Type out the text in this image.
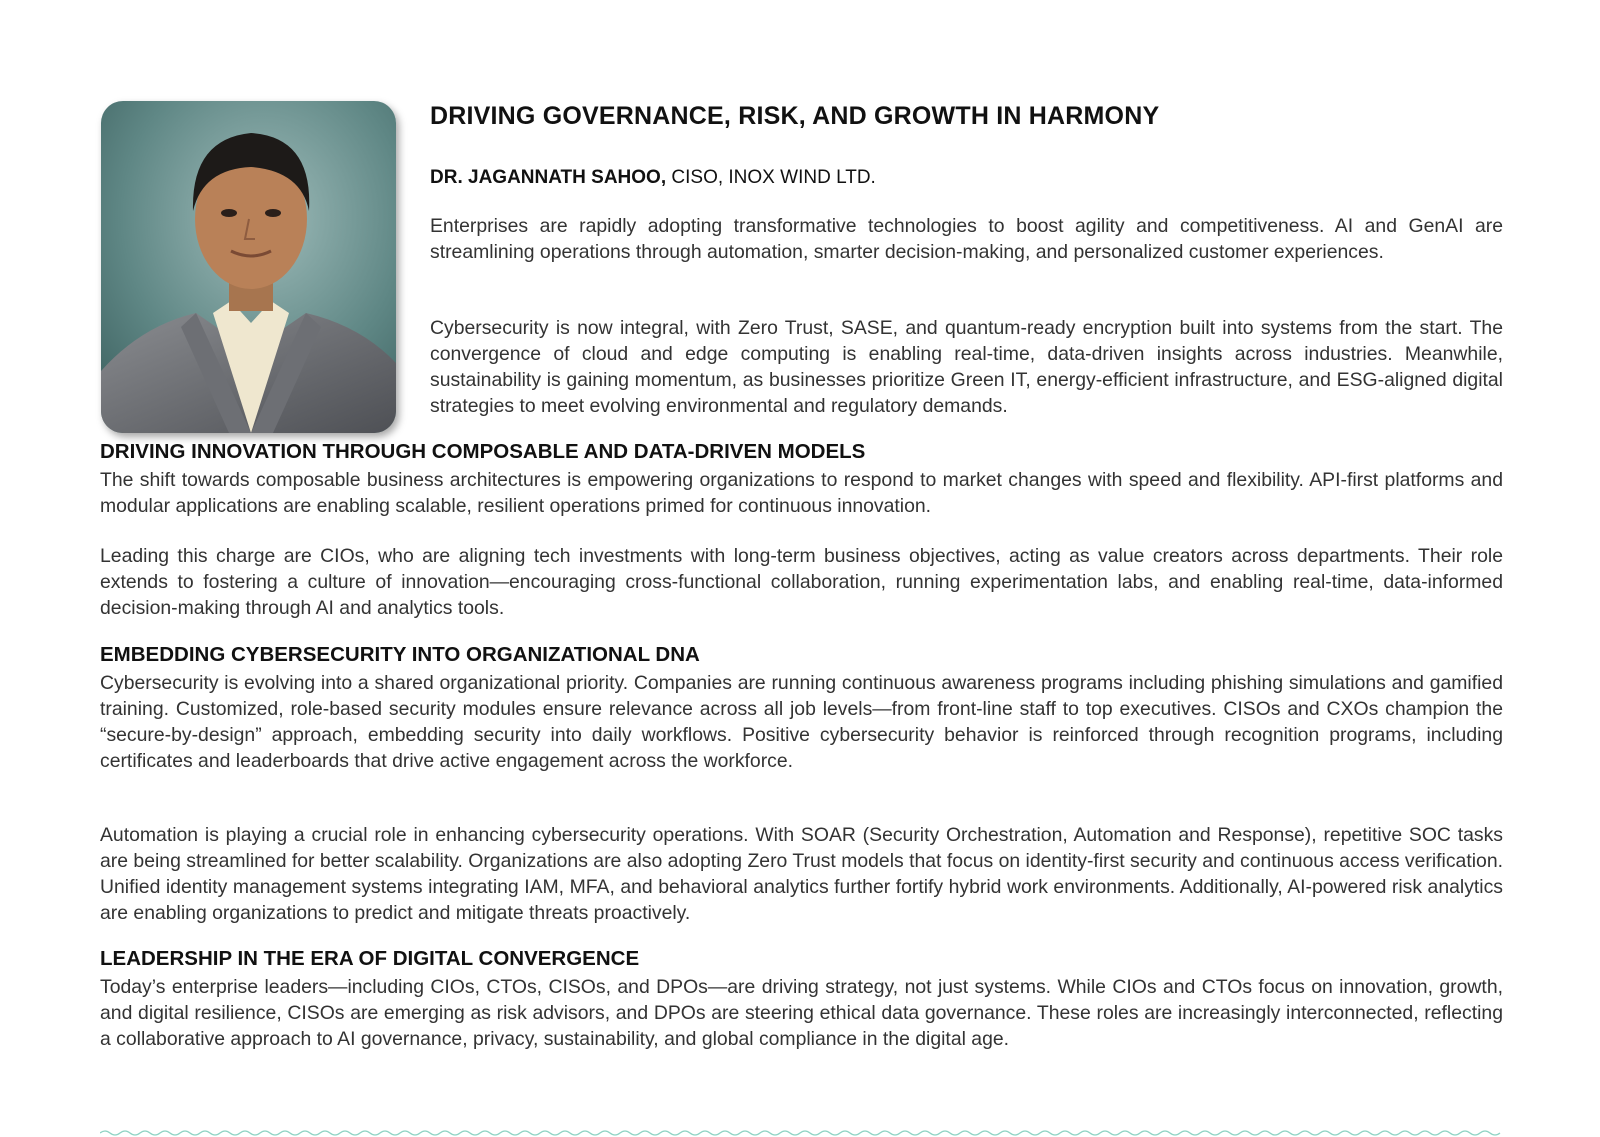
DRIVING GOVERNANCE, RISK, AND GROWTH IN HARMONY

DR. JAGANNATH SAHOO, CISO, INOX WIND LTD.

Enterprises are rapidly adopting transformative technologies to boost agility and competitiveness. AI and GenAI are streamlining operations through automation, smarter decision-making, and personalized customer experiences.

Cybersecurity is now integral, with Zero Trust, SASE, and quantum-ready encryption built into systems from the start. The convergence of cloud and edge computing is enabling real-time, data-driven insights across industries. Meanwhile, sustainability is gaining momentum, as businesses prioritize Green IT, energy-efficient infrastructure, and ESG-aligned digital strategies to meet evolving environmental and regulatory demands.

DRIVING INNOVATION THROUGH COMPOSABLE AND DATA-DRIVEN MODELS

The shift towards composable business architectures is empowering organizations to respond to market changes with speed and flexibility. API-first platforms and modular applications are enabling scalable, resilient operations primed for continuous innovation.

Leading this charge are CIOs, who are aligning tech investments with long-term business objectives, acting as value creators across departments. Their role extends to fostering a culture of innovation—encouraging cross-functional collaboration, running experimentation labs, and enabling real-time, data-informed decision-making through AI and analytics tools.

EMBEDDING CYBERSECURITY INTO ORGANIZATIONAL DNA

Cybersecurity is evolving into a shared organizational priority. Companies are running continuous awareness programs including phishing simulations and gamified training. Customized, role-based security modules ensure relevance across all job levels—from front-line staff to top executives. CISOs and CXOs champion the “secure-by-design” approach, embedding security into daily workflows. Positive cybersecurity behavior is reinforced through recognition programs, including certificates and leaderboards that drive active engagement across the workforce.

Automation is playing a crucial role in enhancing cybersecurity operations. With SOAR (Security Orchestration, Automation and Response), repetitive SOC tasks are being streamlined for better scalability. Organizations are also adopting Zero Trust models that focus on identity-first security and continuous access verification. Unified identity management systems integrating IAM, MFA, and behavioral analytics further fortify hybrid work environments. Additionally, AI-powered risk analytics are enabling organizations to predict and mitigate threats proactively.

LEADERSHIP IN THE ERA OF DIGITAL CONVERGENCE

Today’s enterprise leaders—including CIOs, CTOs, CISOs, and DPOs—are driving strategy, not just systems. While CIOs and CTOs focus on innovation, growth, and digital resilience, CISOs are emerging as risk advisors, and DPOs are steering ethical data governance. These roles are increasingly interconnected, reflecting a collaborative approach to AI governance, privacy, sustainability, and global compliance in the digital age.
